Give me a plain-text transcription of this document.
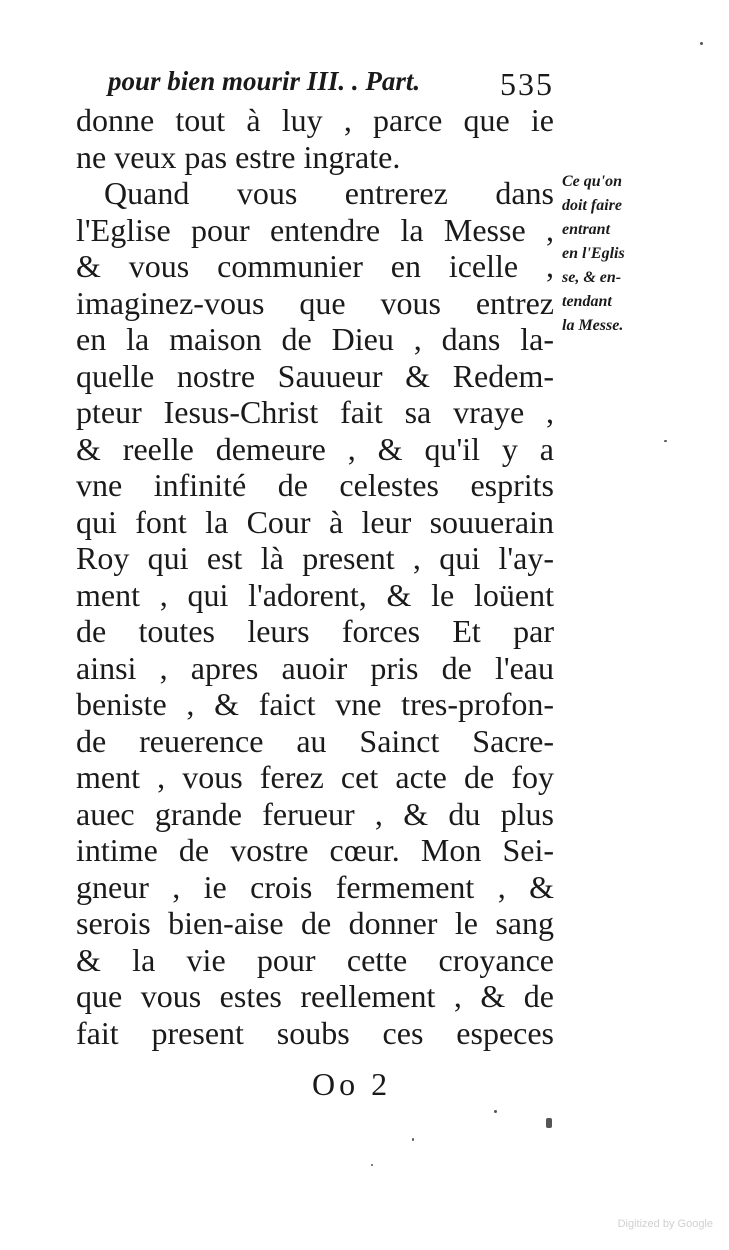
pour bien mourir III. . Part. 535
donne tout à luy , parce que ie
ne veux pas estre ingrate.
Quand vous entrerez dans
l'Eglise pour entendre la Messe ,
& vous communier en icelle ,
imaginez-vous que vous entrez
en la maison de Dieu , dans la-
quelle nostre Sauueur & Redem-
pteur Iesus-Christ fait sa vraye ,
& reelle demeure , & qu'il y a
vne infinité de celestes esprits
qui font la Cour à leur souuerain
Roy qui est là present , qui l'ay-
ment , qui l'adorent, & le loüent
de toutes leurs forces Et par
ainsi , apres auoir pris de l'eau
beniste , & faict vne tres-profon-
de reuerence au Sainct Sacre-
ment , vous ferez cet acte de foy
auec grande ferueur , & du plus
intime de vostre cœur. Mon Sei-
gneur , ie crois fermement , &
serois bien-aise de donner le sang
& la vie pour cette croyance
que vous estes reellement , & de
fait present soubs ces especes
Ce qu'on
doit faire
entrant
en l'Eglis
se, & en-
tendant
la Messe.
Oo 2
Digitized by Google
